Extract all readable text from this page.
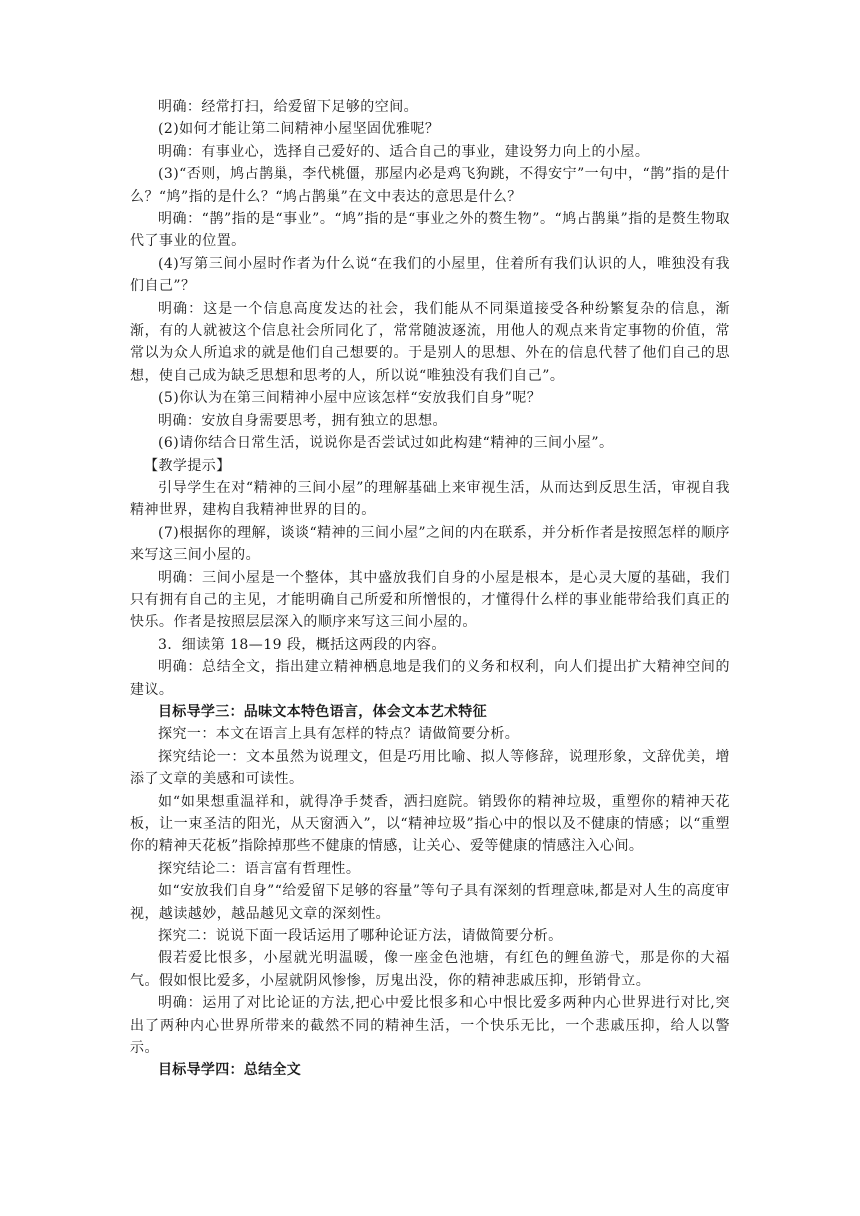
明确：经常打扫，给爱留下足够的空间。

(2)如何才能让第二间精神小屋坚固优雅呢？

明确：有事业心，选择自己爱好的、适合自己的事业，建设努力向上的小屋。

(3)“否则，鸠占鹊巢，李代桃僵，那屋内必是鸡飞狗跳，不得安宁”一句中，“鹊”指的是什么？“鸠”指的是什么？“鸠占鹊巢”在文中表达的意思是什么？

明确：“鹊”指的是“事业”。“鸠”指的是“事业之外的赘生物”。“鸠占鹊巢”指的是赘生物取代了事业的位置。

(4)写第三间小屋时作者为什么说“在我们的小屋里，住着所有我们认识的人，唯独没有我们自己”？

明确：这是一个信息高度发达的社会，我们能从不同渠道接受各种纷繁复杂的信息，渐渐，有的人就被这个信息社会所同化了，常常随波逐流，用他人的观点来肯定事物的价值，常常以为众人所追求的就是他们自己想要的。于是别人的思想、外在的信息代替了他们自己的思想，使自己成为缺乏思想和思考的人，所以说“唯独没有我们自己”。

(5)你认为在第三间精神小屋中应该怎样“安放我们自身”呢？

明确：安放自身需要思考，拥有独立的思想。

(6)请你结合日常生活，说说你是否尝试过如此构建“精神的三间小屋”。

【教学提示】

引导学生在对“精神的三间小屋”的理解基础上来审视生活，从而达到反思生活，审视自我精神世界，建构自我精神世界的目的。

(7)根据你的理解，谈谈“精神的三间小屋”之间的内在联系，并分析作者是按照怎样的顺序来写这三间小屋的。

明确：三间小屋是一个整体，其中盛放我们自身的小屋是根本，是心灵大厦的基础，我们只有拥有自己的主见，才能明确自己所爱和所憎恨的，才懂得什么样的事业能带给我们真正的快乐。作者是按照层层深入的顺序来写这三间小屋的。

3．细读第 18—19 段，概括这两段的内容。

明确：总结全文，指出建立精神栖息地是我们的义务和权利，向人们提出扩大精神空间的建议。

目标导学三：品味文本特色语言，体会文本艺术特征

探究一：本文在语言上具有怎样的特点？请做简要分析。

探究结论一：文本虽然为说理文，但是巧用比喻、拟人等修辞，说理形象，文辞优美，增添了文章的美感和可读性。

如“如果想重温祥和，就得净手焚香，洒扫庭院。销毁你的精神垃圾，重塑你的精神天花板，让一束圣洁的阳光，从天窗洒入”，以“精神垃圾”指心中的恨以及不健康的情感；以“重塑你的精神天花板”指除掉那些不健康的情感，让关心、爱等健康的情感注入心间。

探究结论二：语言富有哲理性。

如“安放我们自身”“给爱留下足够的容量”等句子具有深刻的哲理意味,都是对人生的高度审视，越读越妙，越品越见文章的深刻性。

探究二：说说下面一段话运用了哪种论证方法，请做简要分析。

假若爱比恨多，小屋就光明温暖，像一座金色池塘，有红色的鲤鱼游弋，那是你的大福气。假如恨比爱多，小屋就阴风惨惨，厉鬼出没，你的精神悲戚压抑，形销骨立。

明确：运用了对比论证的方法,把心中爱比恨多和心中恨比爱多两种内心世界进行对比,突出了两种内心世界所带来的截然不同的精神生活，一个快乐无比，一个悲戚压抑，给人以警示。

目标导学四：总结全文
